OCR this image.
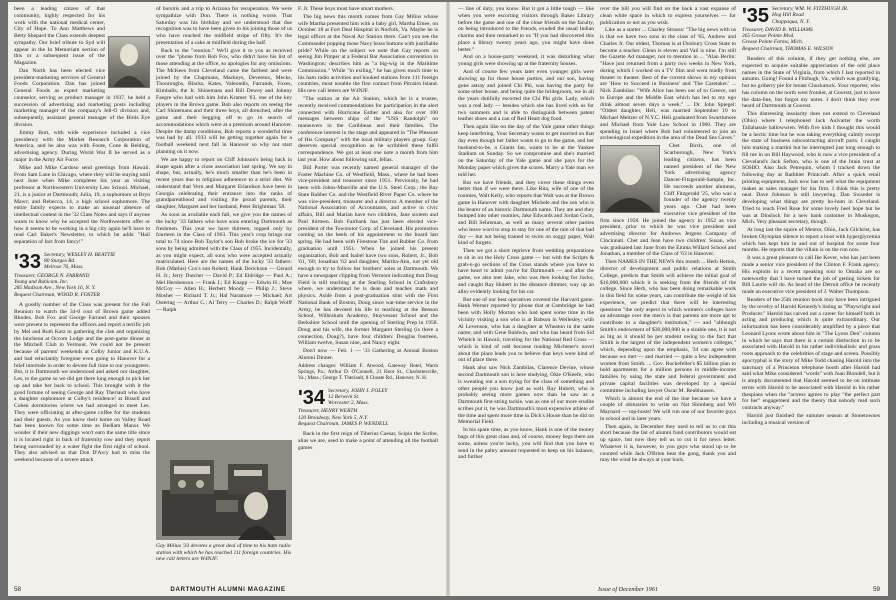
been a leading citizen of that community, highly respected for his work with the national medical center, City of Hope. To Ann Matthews and Betty Shepard the Class extends deepest sympathy. Our brief tribute to Syd will appear in the In Memoriam section of this or a subsequent issue of the Magazine.

Dan North has been elected vice president-marketing services of General Foods Corporation. Dan has joined General Foods as expert marketing counselor, serving as product manager in 1937, he held a succession of advertising and marketing posts including marketing manager of the company's Jell-O division and, subsequently, assistant general manager of the Birds Eye division.

Jimmy Burt, with wide experience included a vice presidency with the Market Research Corporation of America, and he also was with Foote, Cone & Belding, advertising agency. During World War II he served as a major in the Army Air Force.

Mike and Mike Cardoso send greetings from Hawaii. From Sam Lane in Chicago, where they will be staying until next June when Mike completes his year as visiting professor at Northwestern University Law School. Michael, 21, is a junior at Dartmouth; Julia, 19, a sophomore at Bryn Mawr; and Rebecca, 14, a high school sophomore. The entire family expects to make an unusual absence of intellectual content in the '32 Class Notes and says if anyone wants to know why he accepted the Northwestern offer or how it seems to be working in a big city again he'll have to read Carl Baker's Newsletter, to which he adds: "Hail separation of fact from fancy!"

'33 Secretary, WESLEY H. BEATTIE
80 Sturges Rd.
Melrose 76, Mass.
Treasurer, GEORGE N. FARRAND
Young and Rubicam, Inc.
285 Madison Ave., New York 16, N. Y.
Bequest Chairman, WOOD R. FOSTER

A goodly number of the Class was present for the Fall Reunion to watch the 34-0 rout of Brown game added Rhodes. Bob Fox and George Farrand and their spouses were present to represent the officers and report a terrific job by Mel and Ruth Katz in gathering the clan and organizing the luncheon at Occom Lodge and the post-game dinner at the Mitchell Club in Vermont. We could not be present because of parents' weekends at Colby Junior and K.U.A. and had reluctantly foregone even going to Hanover for a brief interlude in order to devote full time to our youngsters. But, it is Dartmouth we understood and asked our daughter, Les, to the game so we did get there long enough to pick her up and take her back to school. This brought with it the good fortune of seeing George and Ray Theriault who have a daughter sophomore at Colby's residence! at Bissell and Cohen dormitories where we had arranged to meet Les. They were officiating at after-game coffee for the students and their guests. As you know their home on Valley Road has been known for some time as Bedlam Manor. We wonder if their new diggings won't earn the same title since it is located right in back of fraternity row and they report being surrounded by a water fight the first night of school. They also advised us that Don D'Arcy had to miss the weekend because of a severe attack

of bursitis and a trip to Arizona for recuperation. We were sympathize with Don. There is nothing worse. That Saturday was his birthday and we understood that due recognition was to have been given to his joining those of us who have reached the midfield stripe of fifty. It's the presentation of a cake at midfield during the half.

Back to the "reunion." We'll give it to you as received over the "phone from Bob Fox, who didn't have his list of those attending at the office, so apologies for any omissions. The McKees from Cleveland came the farthest and were joined by the Chapmans, Mackeys, Devereux, Mecks, Thouroughs, Blacks, Kates, Valeondis, Farrands, Foxes, Kimballs, the Jr. Shinemans and Bill Dewey and Johnny Faegre who had with him John Kramer '63, one of the key players in the Brown game. Bob also reports on seeing the Carl Shinemans and their three boys, all drenched, after the game and their begging off to go in search of accommodations which were at a premium around Hanover. Despite the damp conditions, Bob reports a wonderful time was had by all. 1933 will be getting together again for a football weekend next fall in Hanover so why not start planning on it now.

We are happy to report on Cliff Johnson's being back in shape again after a close association last spring. We say in shape, but, actually, he's much smaller than he's been in recent years due to religious adherence to a strict diet. We understand that Vern and Margaret Erlandson have been in Georgia celebrating their entrance into the ranks of grandparenthood and visiting the proud parents, their daughter, Margaret and her husband, Peter Brightman '58.

As soon as available each fall, we give you the names of the lucky '33 fathers who have sons entering Dartmouth as freshmen. This year we have thirteen, topped only by fourteen in the Class of 1963. This year's crop brings our total to 74 since Bob Taylor's son Bob broke the ice for '33 sons by being admitted with the Class of 1955. Incidentally, as you might expect, all sons who were accepted actually matriculated. Here are the names of the lucky '33 fathers: Bob (Mathis) Cox's son Robert; Hank Derickson — Gerard H. Jr.; Jerry Dutcher — David P.; Ed Eldridge — Paul A.; Mel Hershenson — Frank J.; Ed Knapp — Edwin H.; Moe McCoy — Allen H.; Herbert Moody — Philip J.; Steve Mosher — Richard T. Jr.; Hal Naramore — Michael; Art Ostertag — Arthur C.; Al Terry — Charles D.; Ralph Wolff — Ralph

Gay Milius '33 devotes a great deal of time to his ham radio station with which he has reached 111 foreign countries. His new call letters are W4NJF.

F. Jr. These boys must have smart mothers.

The big news this month comes from Gay Milius whose wife Martha presented him with a baby girl, Martha Emee, on October 18 at Fort Deal Hospital in Norfolk, Va. Maybe he is legal officer at the Naval Air Station there. Can't you see the Commander popping those Navy brass buttons with justifiable pride? While on the subject we note that Gay reports on seeing Jim Pimper at a Federal Bar Association convention in Washington; describes him as "a big-wig in the Maritime Commission." While "in exiling," he has given much time to his ham radio activities and hooked stations from 111 foreign countries, most notable the first contact from Pitcairn Island. His new call letters are W4NJF.

"The station at the Air Station, which he is a trustee, recently received commendations for participation in the alert connected with Hurricane Esther and also for over 100 messages between ships of the "USS Randolph" on maneuvers in the Caribbean and their families. The conference interest in the stage and appeared in "The Pleasure of His Company" with the local military players group. Gay deserves special recognition as he scribbled these fulfil correspondence. We got at least one note a month from him last year. How about following suit, fellas.

Bill Porter was recently named general manager of the Foster Machine Co. of Westfield, Mass., where he had been vice-president and treasurer since 1951. Previously, he had been with Johns-Manville and the U.S. Steel Corp.; the Bay State Rubber Co. and the Westfield River Paper Co. where he was vice-president, treasurer and a director. A member of the National Association of Accountants, and active in civic affairs, Bill and Marian have two children, Jane sixteen and Paul thirteen. Bob Fairbank has just been elected vice-president of the Towmotor Corp. of Cleveland. His promotion coming on the heels of his appointment to the board last spring. He had been with Firestone Tire and Rubber Co. from graduation until 1951. When he joined his present organization, Bob and Isabel have two sons, Robert, Jr., Bob '61, '60; Jonathan '62 and daughter, Martha-Ann, not yet old enough to try to follow her brothers' soles at Dartmouth. We have a newspaper clipping from Vermont indicating that Doug Field is still teaching at the Starling School in Craftsbury where, we understand he is dean and teaches math and physics. Aside from a post-graduation stint with the First National Bank of Boston, Doug since war-time service in the Army, he has devoted his life to teaching at the Benson School, Wilbraham Academy, Stuyvesant School and the Berkshire School until the opening of Sterling Prep in 1958. Doug and his wife, the former Margaret Sterling (is there a connection, Doug?), have four children: Douglas fourteen, William twelve, Susan nine, and Nancy eight.

Don't now — Feb. 1 — '33 Gathering at Annual Boston Alumni Dinner.

Address changes: William F. Atwood, Gateway Hotel, Warm Springs, Pa.; Arthur D. O'Connell, 21 Hoot St., Charlottesville, Va.; Mass.; George T. Theriault, 8 Choate Rd., Hanover, N. H.

'34 Secretary, JOHN J. FOLEY
12 Berwick St.
Worcester 2, Mass.
Treasurer, HENRY WERTH
120 Broadway, New York 5, N.Y.
Bequest Chairman, JAMES P. WENDELL

Back in the first reign of Tiberius Caesar, Scipio the Scribe, alias we are, used to make a point of attending all the football games

58	DARTMOUTH ALUMNI MAGAZINE

— line of duty, you know. But it got a little tough — like when you were escorting visitors through Baker Library before the game and one of the close friends on the faculty, on being introduced to the friends, exuded the usual Indian charms and then remarked to us "If you had discovered this place a library twenty years ago, you might have done better."

And on a house-party weekend, it was disturbing what young girls were showing up at the fraternity houses.

And of course few years later even younger girls were showing up for those house parties, and our son, having gone astray and joined Chi Phi, was having the party for some other house, and being quite the bridegroom, we in all the years dutifully escorted the Chi Phi girls. Lady, which was a real lady — besides which she has lived with us for two summers and is able to distinguish between patent leather shoes and a can of Red Heart dog food.

Then again like on the day of the Yale game other things keep interfering. Your Secretary wants to get married on that day even though her father wants to go to the game, and her husband-to-be, a Giants fan, wants to be at the Yankee Stadium on Sunday. So we compromise and she's married on the Saturday of the Yale game and she pays for the Monday paper which gives the scores. Marry a Yale man we told her.

But we have friends, and they cover these things even better than if we were there. Like Rita, wife of one of the roomies, Walt Kelly, who reports that Walt was at the Brown game in Hanover with daughter Michele and the son who is the bearer of an historic Dartmouth name. They ate and they bumped into other roomies, Jake Edwards and Jordan Gwin, and Bill Sehreman, as well as many several other parties who leave word to stop to stay for one of the rain of that bad day — but not being trained to swim on soggy paper, Walt kind of forgets.

Then we got a short reprieve from wedding preparations to sit in on the Holy Cross game — but with the Scripts & grab-n-go sections of the Cross stands where you have to have heart to admit you're for Dartmouth — and after the game, we also met Jake, who was then looking for Jocko, and caught Ray Hubert in the distance dimmer, way up an alley evidently looking for his car.

But one of our best operatives covered the Harvard game. Hank Werner reported by phone that at Cambridge he had been with Holly Morton who had spent some time in the vicinity visiting a son who is at Babson in Wellesley; with Al Levenson, who has a daughter at Wheaton in the same name; and with Gene Baldwin, and who has heard from Sid Whelch in Hawaii, traveling for the National Red Cross — which is kind of odd because reading Michener's novel about the place leads you to believe that keys were kind of out of place there.

Hank also saw Nick Zambilas, Clarence Devine, whose second Dartmouth son is here studying, Okie O'Keefe, who is sweating out a son trying for the class of something and other people you know just as well. Ray Hubert, who is probably seeing more games now than he saw as a Dartmouth first-string tackle, was as one of our more erudite scribes put it, he was Dartmouth's most expensive athlete of the time and spent more time in Dick's House than he did on Memorial Field.

In his spare time, as you know, Hank is one of the money bags of this great class and, of course, money begs there are some, unless you're lucky, you will find that you have to send in the paltry amount requested to keep on his balance, and further

over the bill you will find on the back a vast expanse of clean white space in which to express yourselves — for publication or not as you wish.

Like as a starter ... Charley Strauss: "The big news with us is that we have two sons in the class of '65, Andrew and Charles Jr. Our eldest, Thomas is at Duxbury Cross State to become a teacher. Glenn is eleven and Vail is nine. I'm still the Gazette Ad manager, not to mention in ... "Alan Berlin: "Have just returned from a party two weeks in New York, during which I worked on a TV film and went madly from theater to theater. Best of the current shows in my opinion are 'How to Succeed in Business' and 'The Caretaker.' ... Nick Zambilas: "Wife Alice has been out of to Greece, out to Europe and the Middle East which has led to my ego drink almost seven days a week." ... Dr. John Spiegel: "Oldest daughter, Heli, was married September 10 to Michael Meltzer of N.Y.C. Heli graduated from Swarthmore and Michael from Yale Law School in 1960. They are spending in Israel where Bob had volunteered to join an archeological expedition in the area of the Dead Sea Caves."

Chet Birch, one of Scarborough, New York's leading citizens, has been named president of the New York advertising agency Dancer-Fitzgerald-Sample, Inc. He succeeds another alumnus, Cliff Fitzgerald '25, who was a founder of the agency twenty years ago. Chet had been executive vice president of the firm since 1958. He joined the agency in 1952 as vice president, prior to which he was vice president and advertising director for Andrews Jergens Company of Cincinnati. Chet and Jean have two children: Susan, who was graduated last June from the Emma Willard School and Jonathan, a member of the Class of '63 in Hanover.

Then NAMES IN THE NEWS this month ... Herb Hetton, director of development and public relations at Smith College, predicts that Smith will achieve the initial goal of $16,000,000 which it is seeking from the friends of the college. Since Herb, who has been doing remarkable work in this field for some years, can contribute the weight of his experience, we predict that there will be interesting questions "the only aspect in which women's colleges have an advantage over the men's is that parents are more apt to contribute to a daughter's institution," — and "although Smith's endowment of $30,000,000 is a sizable one, it is not as big as it should be per student owing to the fact that Smith is the largest of the independent women's colleges," which, depending upon the emphasis, '34 can agree with because we met — and married — quite a few independent women from Smith. ... Gov. Rockefeller's $5 billion plan to hold apartments for a million persons in middle-income families by using the state and federal government and private capital facilities was developed by a special committee including lawyer Oscar M. Reubhausen.

Which is almost the end of the line because we have a couple of obituaries to write on Nat Shimberg and Wil Maynard — top-hosts! We will run one of our favorite guys in school and in later years.

Then again, in December they used to tell us to cut this short because the list of alumni fund contributors would eat up space, but now they tell us to cut it for news letter. Whatever it is, however, to you guys who stood up to be counted while Jack O'Brien beat the gong, thank you and may the wind be always at your back.

'35 Secretary, WM. W. FITZHUGH JR.
Hog Hill Road
Chappaqua, N. Y.
Treasurer, DAVID B. WILLIAMS
365 Grosse Pointe Blvd.
Grosse Pointe Farms, Mich.
Bequest Chairman, THOMAS E. WILSON

Readers of this column, if they get nothing else, are expected to acquire suitable appreciation of the odd place names in the State of Virginia, from which I last reported in autumn. Going! Found a Fitzhugh, Va., which was gratifying, but no griberry pie for breast Chuckatuck. Your reporter, who has column on the north west frontier, at Goorsst, just to have the data-line, but forgot my notes. I don't think they ever heard of Dartmouth at Goorsst.

This distressing insularity does not extend to Cleveland (Ohio) where I telephoned Jack Aulvarter the worth Tallahassie ballowwien. With five kids I thought this would be a hectic time but he was taking everything calmly except the state of business subcontracting aircraft parts. I caught him making a martini but he interrupted just long enough to fill me in on Bill Haywood, who is now a vice president of a Cleveland's Jack Sefton, who is one of the brain trust at SOHIO. Also Jack Petrequin, whom I tracked down the following day at Rathbier Printcraft. After a quick retail printing equipment, Jack now has to sell what the equipment makes as sales manager for his firm. I think this is pretty neat. Dave Johnson is still lawyering. Dan Swander is developing what things are pretty ho-hum in Cleveland. Tried to reach Fred Rose for some lovely heel hope but he was at Dinslock for a new bank customer in Muskegon, Mich. Very pleasant secretary, though.

At long last the squire of Mentor, Ohio, Jack Gilchrist, has broken Olympian silence to report a bout with hyperglycemia which has kept him in and out of hospital for some four months. He reports that the villain is on the run now.

It was a great pleasure to call Ike Kever, who has just been made a senior vice president of the Clinton F. Frank agency. His exploits in a recent speaking tour to Omaha are so noteworthy that I have turned the job of getting tickets for Bill Laurie will do. As head of the Detroit office he recently made an executive vice president of J. Walter Thompson.

Readers of the 25th reunion book may have been intrigued by the revelry of Harold Kennedy's listing as "Playwright and Producer." Harold has carved out a career for himself both in acting and producing which is quite extraordinary. Our information has been considerably amplified by a piece that Leonard Lyons wrote about him in "The Lyons Den" column in which he says that there is a certain distinction in to be associated with Harold in his rather individualistic and grass roots approach to the celebrities of stage and screen. Possibly apocryphal is the story of Mike Todd chasing Harold into the sanctuary of a Princeton telephone booth after Harold had said what Mike considered "words" with Joan Blondell, but it is amply documented that Harold seemed to be on intimate terms with Harold to be associated with Harold in his rather thespians when the "actress agrees to play "the perfect part for her" engagement and the theory that nobody read such contracts anyway."

Harold just finished the summer season at Stonetownes including a musical version of

Issue of December 1961	59
